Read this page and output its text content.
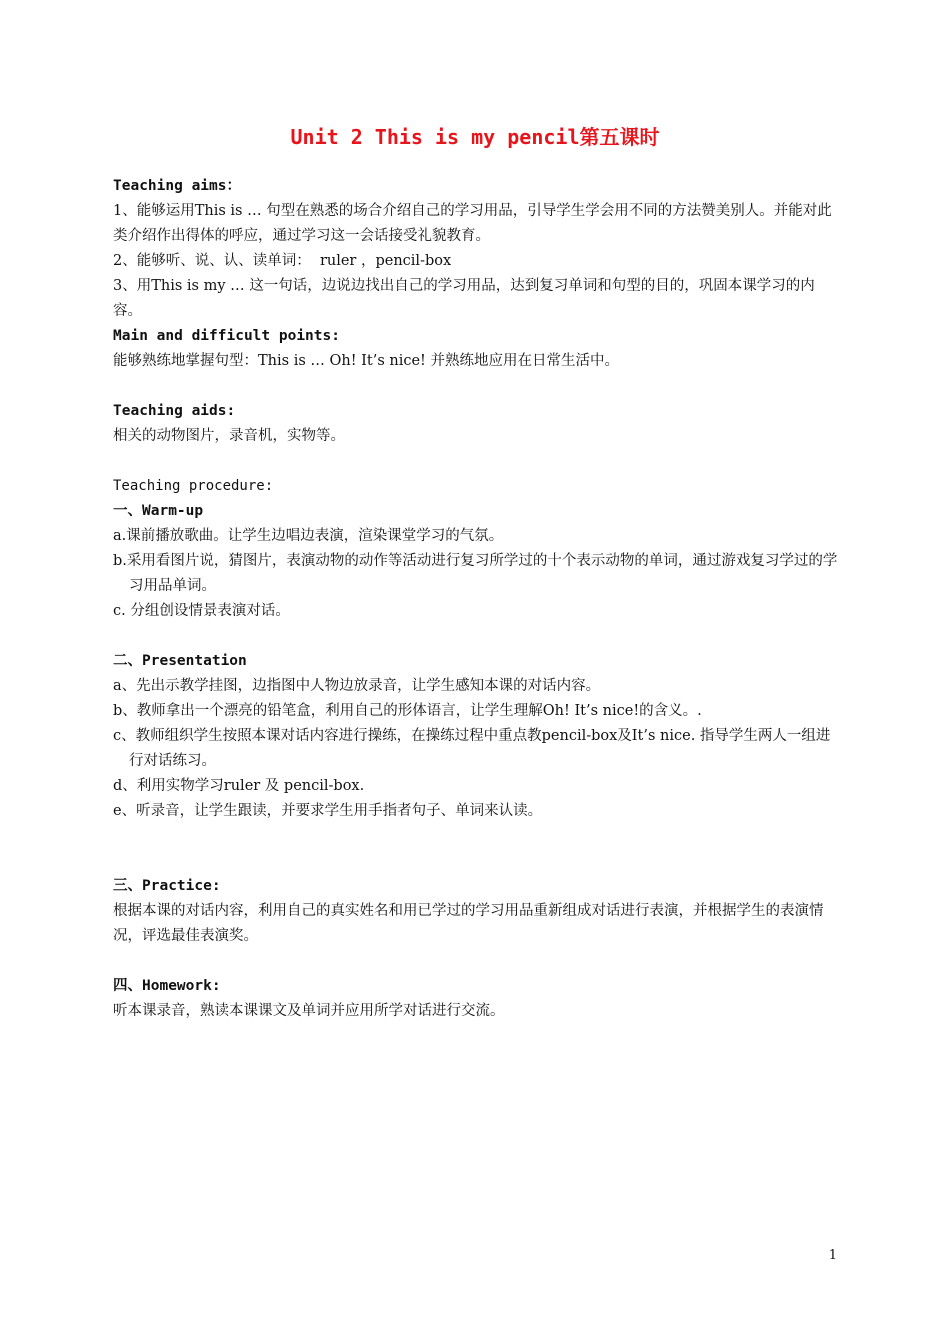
Unit 2 This is my pencil第五课时
Teaching aims：
1、能够运用This is … 句型在熟悉的场合介绍自己的学习用品，引导学生学会用不同的方法赞美别人。并能对此类介绍作出得体的呼应，通过学习这一会话接受礼貌教育。
2、能够听、说、认、读单词：  ruler ，pencil-box
3、用This is my … 这一句话，边说边找出自己的学习用品，达到复习单词和句型的目的，巩固本课学习的内容。
Main and difficult points:
能够熟练地掌握句型：This is … Oh! It’s nice! 并熟练地应用在日常生活中。
Teaching aids:
相关的动物图片，录音机，实物等。
Teaching procedure:
一、Warm-up
a.课前播放歌曲。让学生边唱边表演，渲染课堂学习的气氛。
b.采用看图片说，猜图片，表演动物的动作等活动进行复习所学过的十个表示动物的单词，通过游戏复习学过的学习用品单词。
c. 分组创设情景表演对话。
二、Presentation
a、先出示教学挂图，边指图中人物边放录音，让学生感知本课的对话内容。
b、教师拿出一个漂亮的铅笔盒，利用自己的形体语言，让学生理解Oh! It’s nice!的含义。.
c、教师组织学生按照本课对话内容进行操练，在操练过程中重点教pencil-box及It’s nice. 指导学生两人一组进行对话练习。
d、利用实物学习ruler 及 pencil-box.
e、听录音，让学生跟读，并要求学生用手指者句子、单词来认读。
三、Practice:
根据本课的对话内容，利用自己的真实姓名和用已学过的学习用品重新组成对话进行表演，并根据学生的表演情况，评选最佳表演奖。
四、Homework:
听本课录音，熟读本课课文及单词并应用所学对话进行交流。
1
